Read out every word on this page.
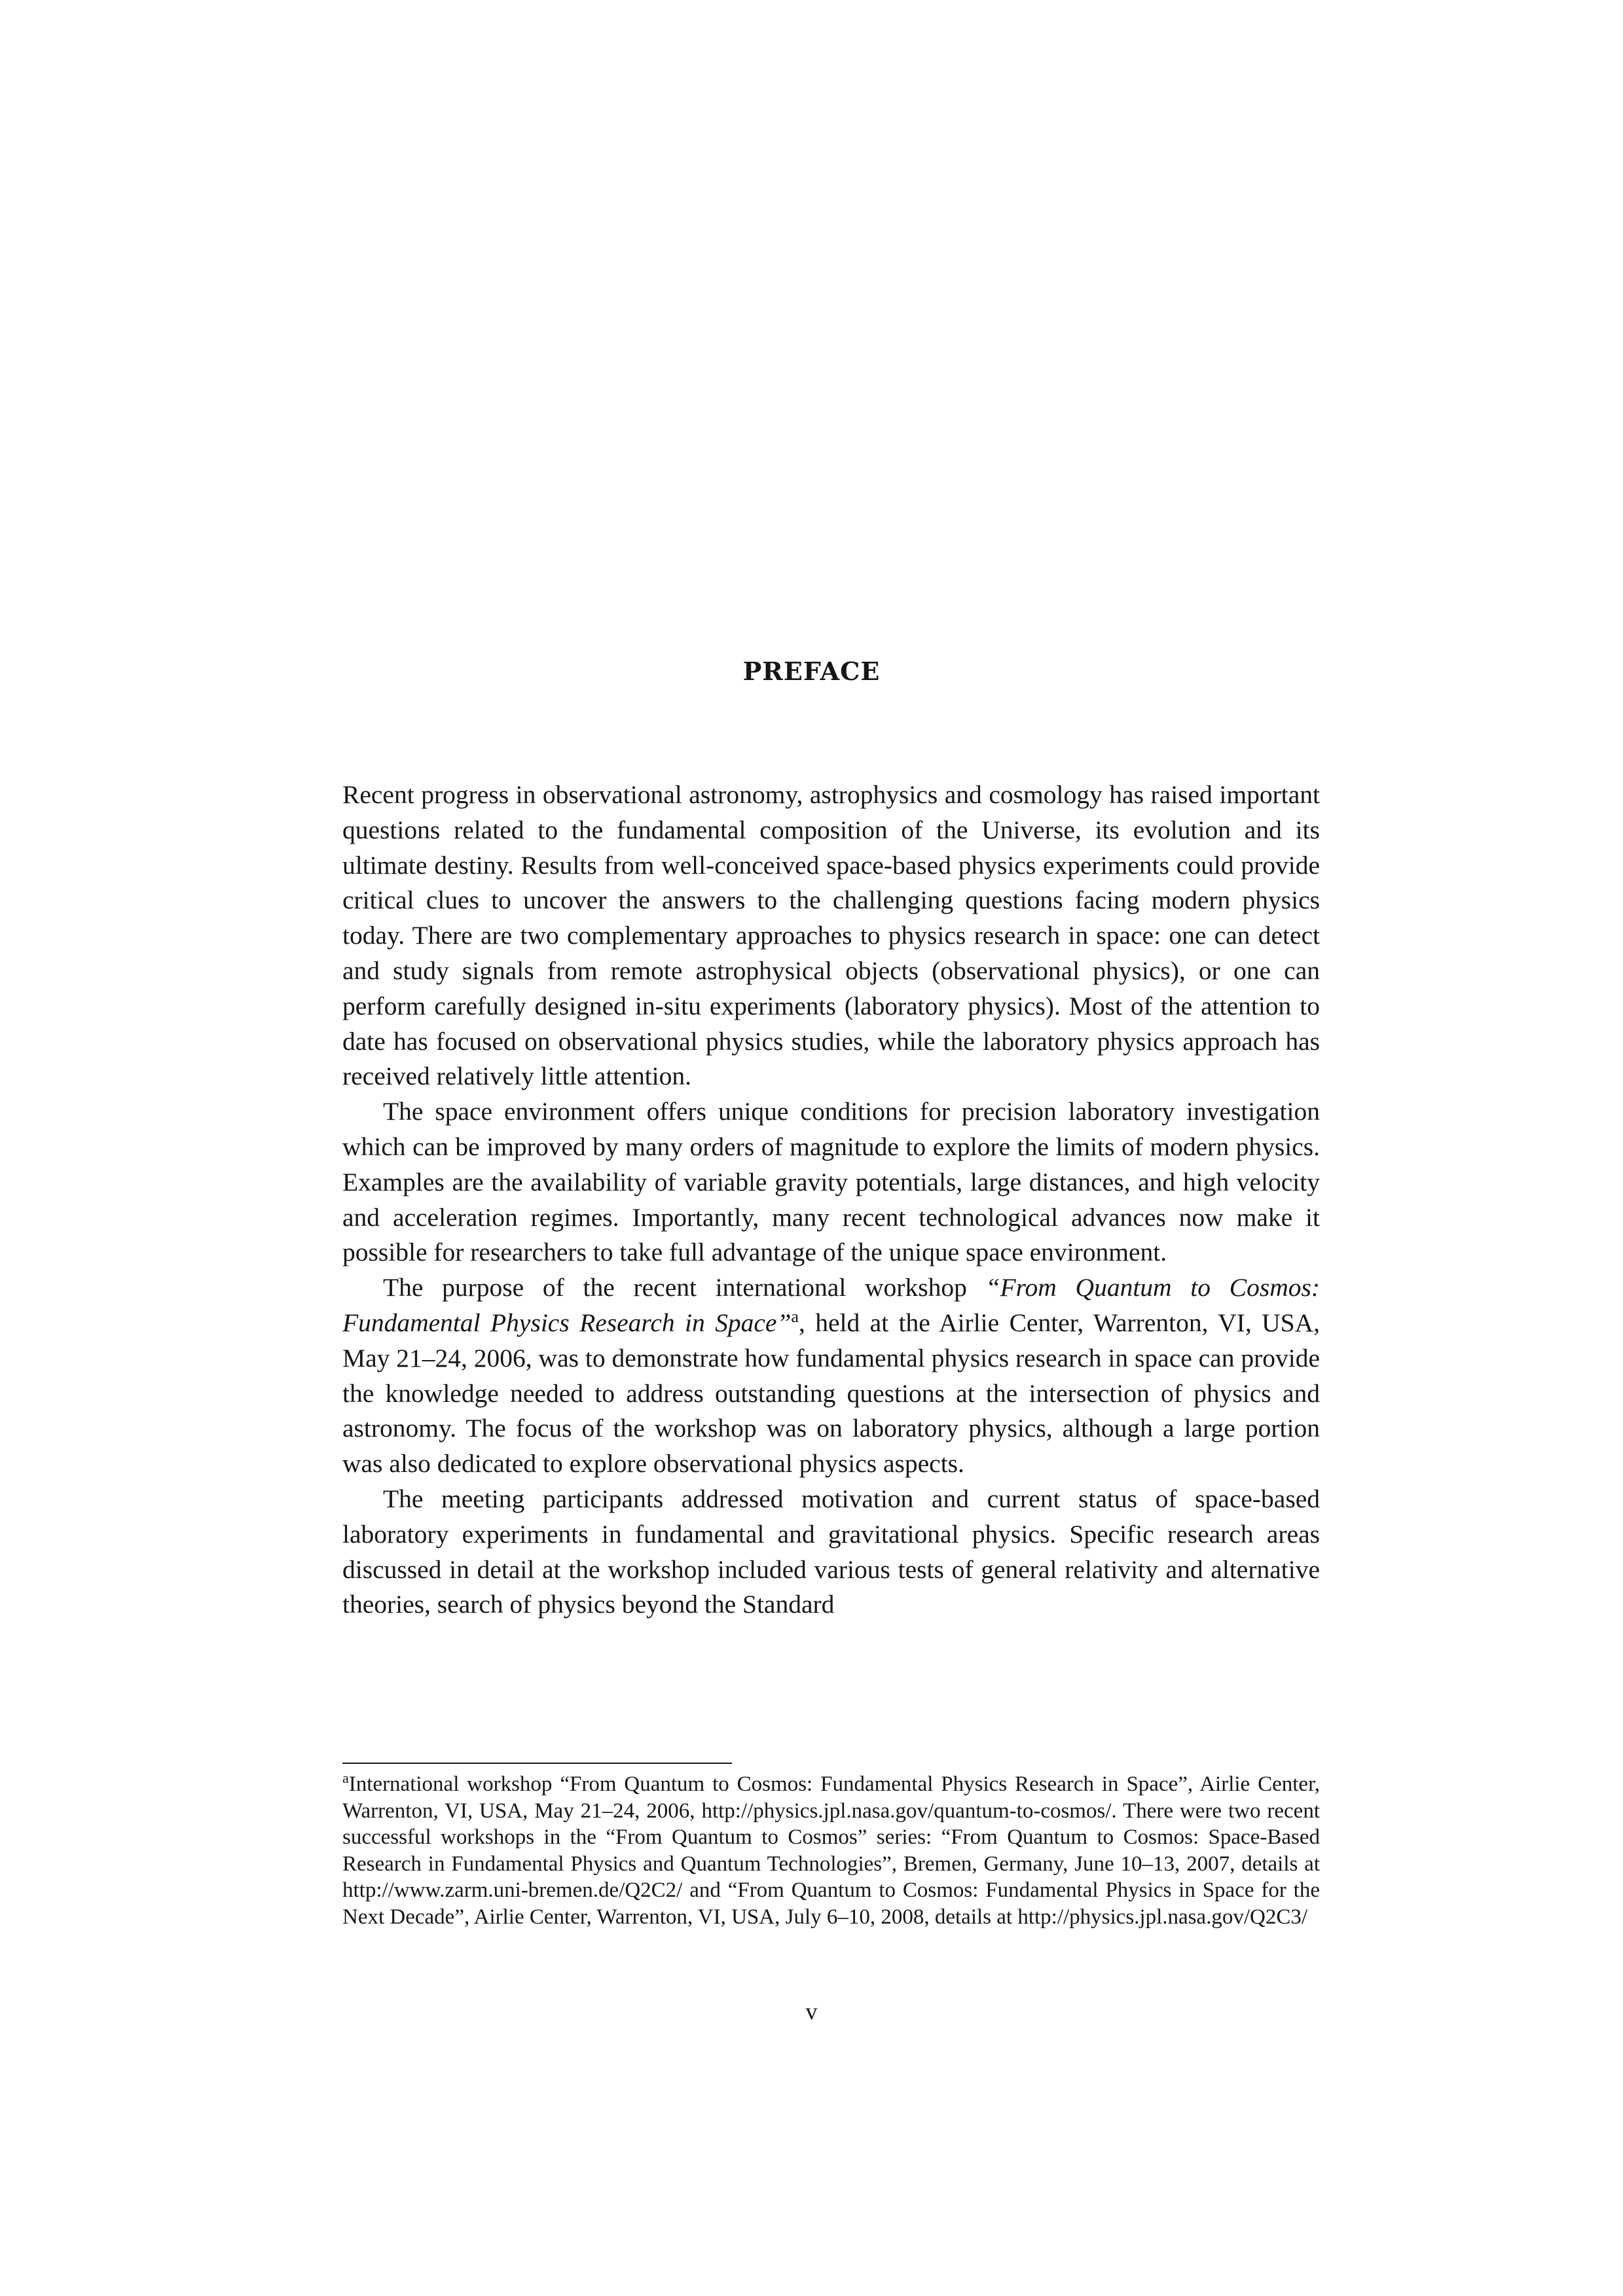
PREFACE

Recent progress in observational astronomy, astrophysics and cosmology has raised important questions related to the fundamental composition of the Universe, its evolution and its ultimate destiny. Results from well-conceived space-based physics experiments could provide critical clues to uncover the answers to the challenging questions facing modern physics today. There are two complementary approaches to physics research in space: one can detect and study signals from remote astrophysical objects (observational physics), or one can perform carefully designed in-situ experiments (laboratory physics). Most of the attention to date has focused on observational physics studies, while the laboratory physics approach has received relatively little attention.

The space environment offers unique conditions for precision laboratory investigation which can be improved by many orders of magnitude to explore the limits of modern physics. Examples are the availability of variable gravity potentials, large distances, and high velocity and acceleration regimes. Importantly, many recent technological advances now make it possible for researchers to take full advantage of the unique space environment.

The purpose of the recent international workshop “From Quantum to Cosmos: Fundamental Physics Research in Space”$^a$, held at the Airlie Center, Warrenton, VI, USA, May 21–24, 2006, was to demonstrate how fundamental physics research in space can provide the knowledge needed to address outstanding questions at the intersection of physics and astronomy. The focus of the workshop was on laboratory physics, although a large portion was also dedicated to explore observational physics aspects.

The meeting participants addressed motivation and current status of space-based laboratory experiments in fundamental and gravitational physics. Specific research areas discussed in detail at the workshop included various tests of general relativity and alternative theories, search of physics beyond the Standard

$^a$International workshop “From Quantum to Cosmos: Fundamental Physics Research in Space”, Airlie Center, Warrenton, VI, USA, May 21–24, 2006, http://physics.jpl.nasa.gov/quantum-to-cosmos/. There were two recent successful workshops in the “From Quantum to Cosmos” series: “From Quantum to Cosmos: Space-Based Research in Fundamental Physics and Quantum Technologies”, Bremen, Germany, June 10–13, 2007, details at http://www.zarm.uni-bremen.de/Q2C2/ and “From Quantum to Cosmos: Fundamental Physics in Space for the Next Decade”, Airlie Center, Warrenton, VI, USA, July 6–10, 2008, details at http://physics.jpl.nasa.gov/Q2C3/

v
